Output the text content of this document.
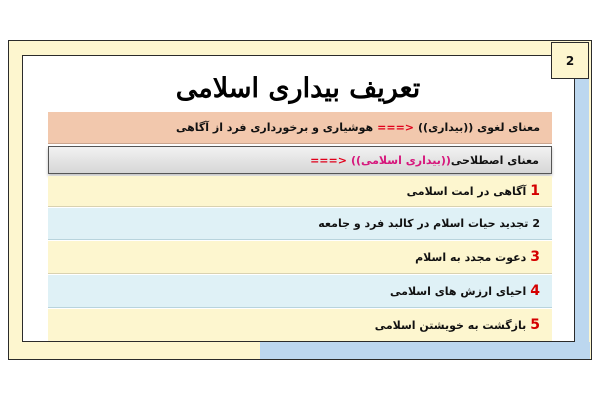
2
تعریف بیداری اسلامی
معنای لغوی ((بیداری))
===>
هوشیاری و برخورداری فرد از آگاهی
معنای اصطلاحی
((بیداری اسلامی))
===>
1
آگاهی در امت اسلامی
2
تجدید حیات اسلام در کالبد فرد و جامعه
3
دعوت مجدد به اسلام
4
احیای ارزش های اسلامی
5
بازگشت به خویشتن اسلامی
